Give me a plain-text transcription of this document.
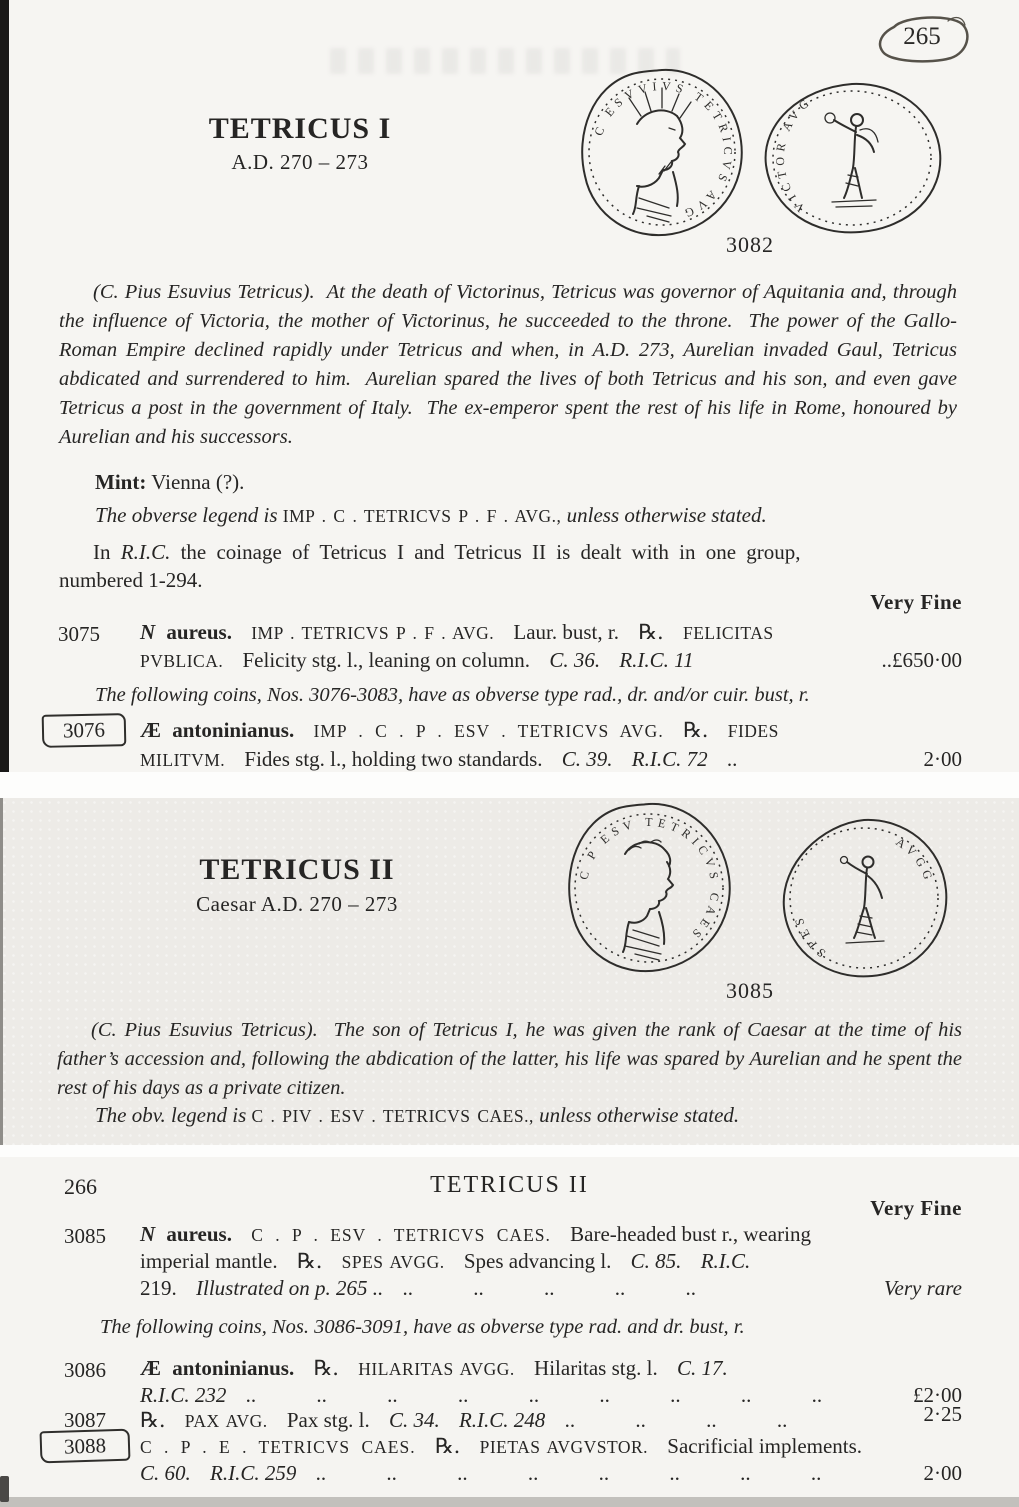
265
TETRICUS I
A.D. 270 – 273
C ESVVIVS TETRICVS AVG	VICTOR AVG
3082

(C. Pius Esuvius Tetricus).  At the death of Victorinus, Tetricus was governor of Aquitania and, through the influence of Victoria, the mother of Victorinus, he succeeded to the throne.  The power of the Gallo-Roman Empire declined rapidly under Tetricus and when, in A.D. 273, Aurelian invaded Gaul, Tetricus abdicated and surrendered to him.  Aurelian spared the lives of both Tetricus and his son, and even gave Tetricus a post in the government of Italy.  The ex-emperor spent the rest of his life in Rome, honoured by Aurelian and his successors.

Mint: Vienna (?).
The obverse legend is IMP . C . TETRICVS P . F . AVG., unless otherwise stated.
In R.I.C. the coinage of Tetricus I and Tetricus II is dealt with in one group,
numbered 1-294.
Very Fine
3075 N aureus. IMP . TETRICVS P . F . AVG. Laur. bust, r. ℞. FELICITAS
PVBLICA. Felicity stg. l., leaning on column. C. 36. R.I.C. 11	..£650·00
The following coins, Nos. 3076-3083, have as obverse type rad., dr. and/or cuir. bust, r.
3076	Æ antoninianus. IMP . C . P . ESV . TETRICVS AVG. ℞. FIDES
MILITVM. Fides stg. l., holding two standards. C. 39. R.I.C. 72 ..	2·00
TETRICUS II
Caesar A.D. 270 – 273
C P ESV TETRICVS CAES
SPES
AVGG
3085

(C. Pius Esuvius Tetricus).  The son of Tetricus I, he was given the rank of Caesar at the time of his father’s accession and, following the abdication of the latter, his life was spared by Aurelian and he spent the rest of his days as a private citizen.

The obv. legend is C . PIV . ESV . TETRICVS CAES., unless otherwise stated.
266	TETRICUS II
Very Fine
3085 N aureus. C . P . ESV . TETRICVS CAES. Bare-headed bust r., wearing
imperial mantle. ℞. SPES AVGG. Spes advancing l. C. 85. R.I.C.
219. Illustrated on p. 265 .. .. .. .. .. ..	Very rare
The following coins, Nos. 3086-3091, have as obverse type rad. and dr. bust, r.
3086 Æ antoninianus. ℞. HILARITAS AVGG. Hilaritas stg. l. C. 17.
R.I.C. 232 .. .. .. .. .. .. .. .. ..	£2·00
3087 ℞. PAX AVG. Pax stg. l. C. 34. R.I.C. 248 .. .. .. ..	2·25
3088	C . P . E . TETRICVS CAES. ℞. PIETAS AVGVSTOR. Sacrificial implements.
C. 60. R.I.C. 259 .. .. .. .. .. .. .. ..	2·00
